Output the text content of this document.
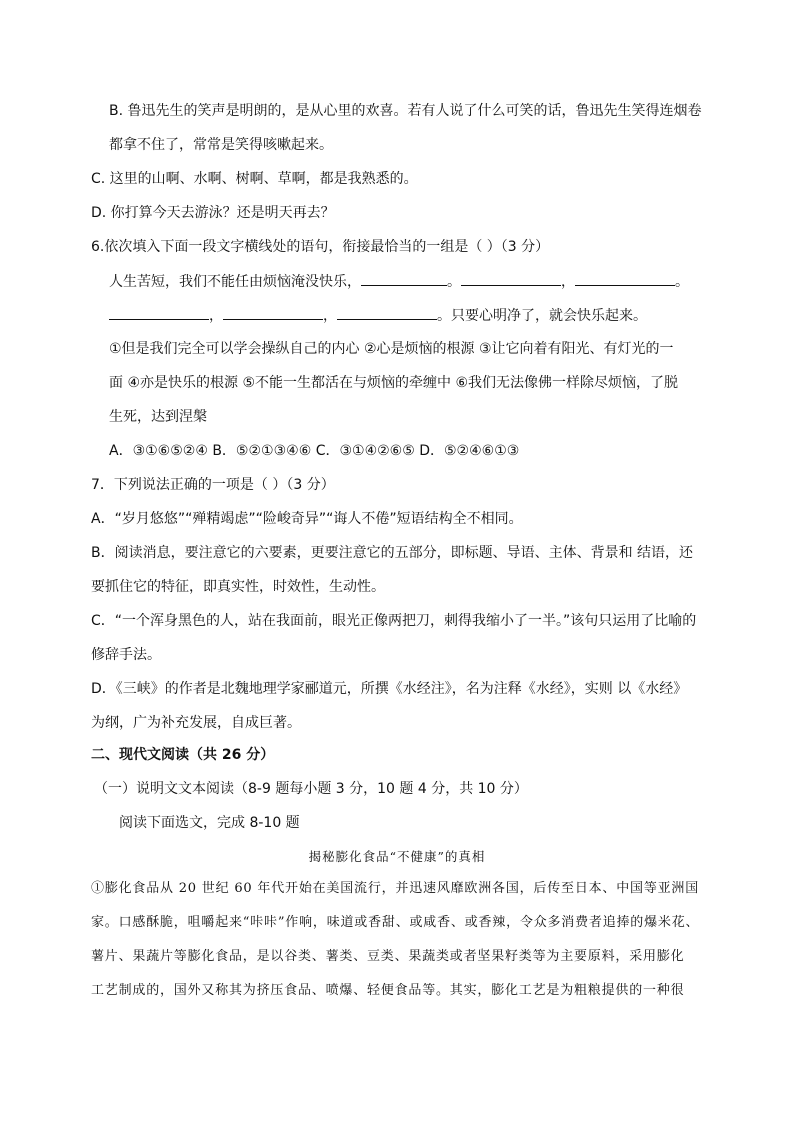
B. 鲁迅先生的笑声是明朗的，是从心里的欢喜。若有人说了什么可笑的话，鲁迅先生笑得连烟卷
都拿不住了，常常是笑得咳嗽起来。
C. 这里的山啊、水啊、树啊、草啊，都是我熟悉的。
D. 你打算今天去游泳？还是明天再去？
6.依次填入下面一段文字横线处的语句，衔接最恰当的一组是（ ）（3 分）
人生苦短，我们不能任由烦恼淹没快乐，	。	，	。
，	，	。只要心明净了，就会快乐起来。
①但是我们完全可以学会操纵自己的内心 ②心是烦恼的根源 ③让它向着有阳光、有灯光的一
面 ④亦是快乐的根源 ⑤不能一生都活在与烦恼的牵缠中 ⑥我们无法像佛一样除尽烦恼，了脱
生死，达到涅槃
A．③①⑥⑤②④ B．⑤②①③④⑥ C．③①④②⑥⑤ D．⑤②④⑥①③
7．下列说法正确的一项是（ ）（3 分）
A．“岁月悠悠”“殚精竭虑”“险峻奇异”“诲人不倦”短语结构全不相同。
B．阅读消息，要注意它的六要素，更要注意它的五部分，即标题、导语、主体、背景和 结语，还
要抓住它的特征，即真实性，时效性，生动性。
C．“一个浑身黑色的人，站在我面前，眼光正像两把刀，刺得我缩小了一半。”该句只运用了比喻的
修辞手法。
D．《三峡》的作者是北魏地理学家郦道元，所撰《水经注》，名为注释《水经》，实则 以《水经》
为纲，广为补充发展，自成巨著。
二、现代文阅读（共 26 分）
（一）说明文文本阅读（8-9 题每小题 3 分，10 题 4 分，共 10 分）
阅读下面选文，完成 8-10 题
揭秘膨化食品“不健康”的真相
①膨化食品从 20 世纪 60 年代开始在美国流行，并迅速风靡欧洲各国，后传至日本、中国等亚洲国
家。口感酥脆，咀嚼起来“咔咔”作响，味道或香甜、或咸香、或香辣，令众多消费者追捧的爆米花、
薯片、果蔬片等膨化食品，是以谷类、薯类、豆类、果蔬类或者坚果籽类等为主要原料，采用膨化
工艺制成的，国外又称其为挤压食品、喷爆、轻便食品等。其实，膨化工艺是为粗粮提供的一种很
